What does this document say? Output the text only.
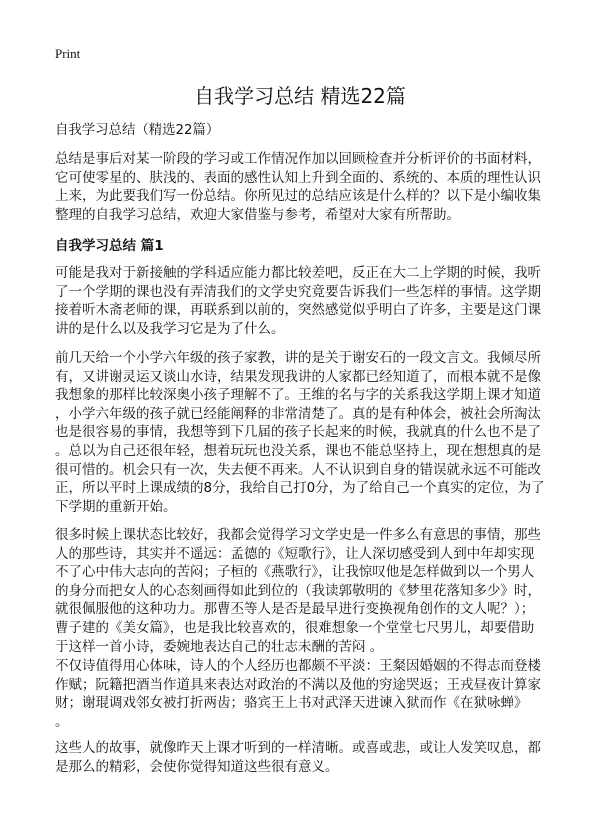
Print
自我学习总结 精选22篇
自我学习总结（精选22篇）
总结是事后对某一阶段的学习或工作情况作加以回顾检查并分析评价的书面材料，
它可使零星的、肤浅的、表面的感性认知上升到全面的、系统的、本质的理性认识
上来，为此要我们写一份总结。你所见过的总结应该是什么样的？以下是小编收集
整理的自我学习总结，欢迎大家借鉴与参考，希望对大家有所帮助。
自我学习总结 篇1
可能是我对于新接触的学科适应能力都比较差吧，反正在大二上学期的时候，我听
了一个学期的课也没有弄清我们的文学史究竟要告诉我们一些怎样的事情。这学期
接着听木斋老师的课，再联系到以前的，突然感觉似乎明白了许多，主要是这门课
讲的是什么以及我学习它是为了什么。
前几天给一个小学六年级的孩子家教，讲的是关于谢安石的一段文言文。我倾尽所
有，又讲谢灵运又谈山水诗，结果发现我讲的人家都已经知道了，而根本就不是像
我想象的那样比较深奥小孩子理解不了。王维的名与字的关系我这学期上课才知道
，小学六年级的孩子就已经能阐释的非常清楚了。真的是有种体会，被社会所淘汰
也是很容易的事情，我想等到下几届的孩子长起来的时候，我就真的什么也不是了
。总以为自己还很年轻，想着玩玩也没关系，课也不能总坚持上，现在想想真的是
很可惜的。机会只有一次，失去便不再来。人不认识到自身的错误就永远不可能改
正，所以平时上课成绩的8分，我给自己打0分，为了给自己一个真实的定位，为了
下学期的重新开始。
很多时候上课状态比较好，我都会觉得学习文学史是一件多么有意思的事情，那些
人的那些诗，其实并不遥远：孟德的《短歌行》，让人深切感受到人到中年却实现
不了心中伟大志向的苦闷；子桓的《燕歌行》，让我惊叹他是怎样做到以一个男人
的身分而把女人的心态刻画得如此到位的（我读郭敬明的《梦里花落知多少》时，
就很佩服他的这种功力。那曹丕等人是否是最早进行变换视角创作的文人呢？）；
曹子建的《美女篇》，也是我比较喜欢的，很难想象一个堂堂七尺男儿，却要借助
于这样一首小诗，委婉地表达自己的壮志未酬的苦闷 。
不仅诗值得用心体味，诗人的个人经历也都颇不平淡：王粲因婚姻的不得志而登楼
作赋；阮籍把酒当作道具来表达对政治的不满以及他的穷途哭返；王戎昼夜计算家
财；谢琨调戏邻女被打折两齿；骆宾王上书对武泽天进谏入狱而作《在狱咏蝉》
。
这些人的故事，就像昨天上课才听到的一样清晰。或喜或悲，或让人发笑叹息，都
是那么的精彩，会使你觉得知道这些很有意义。
